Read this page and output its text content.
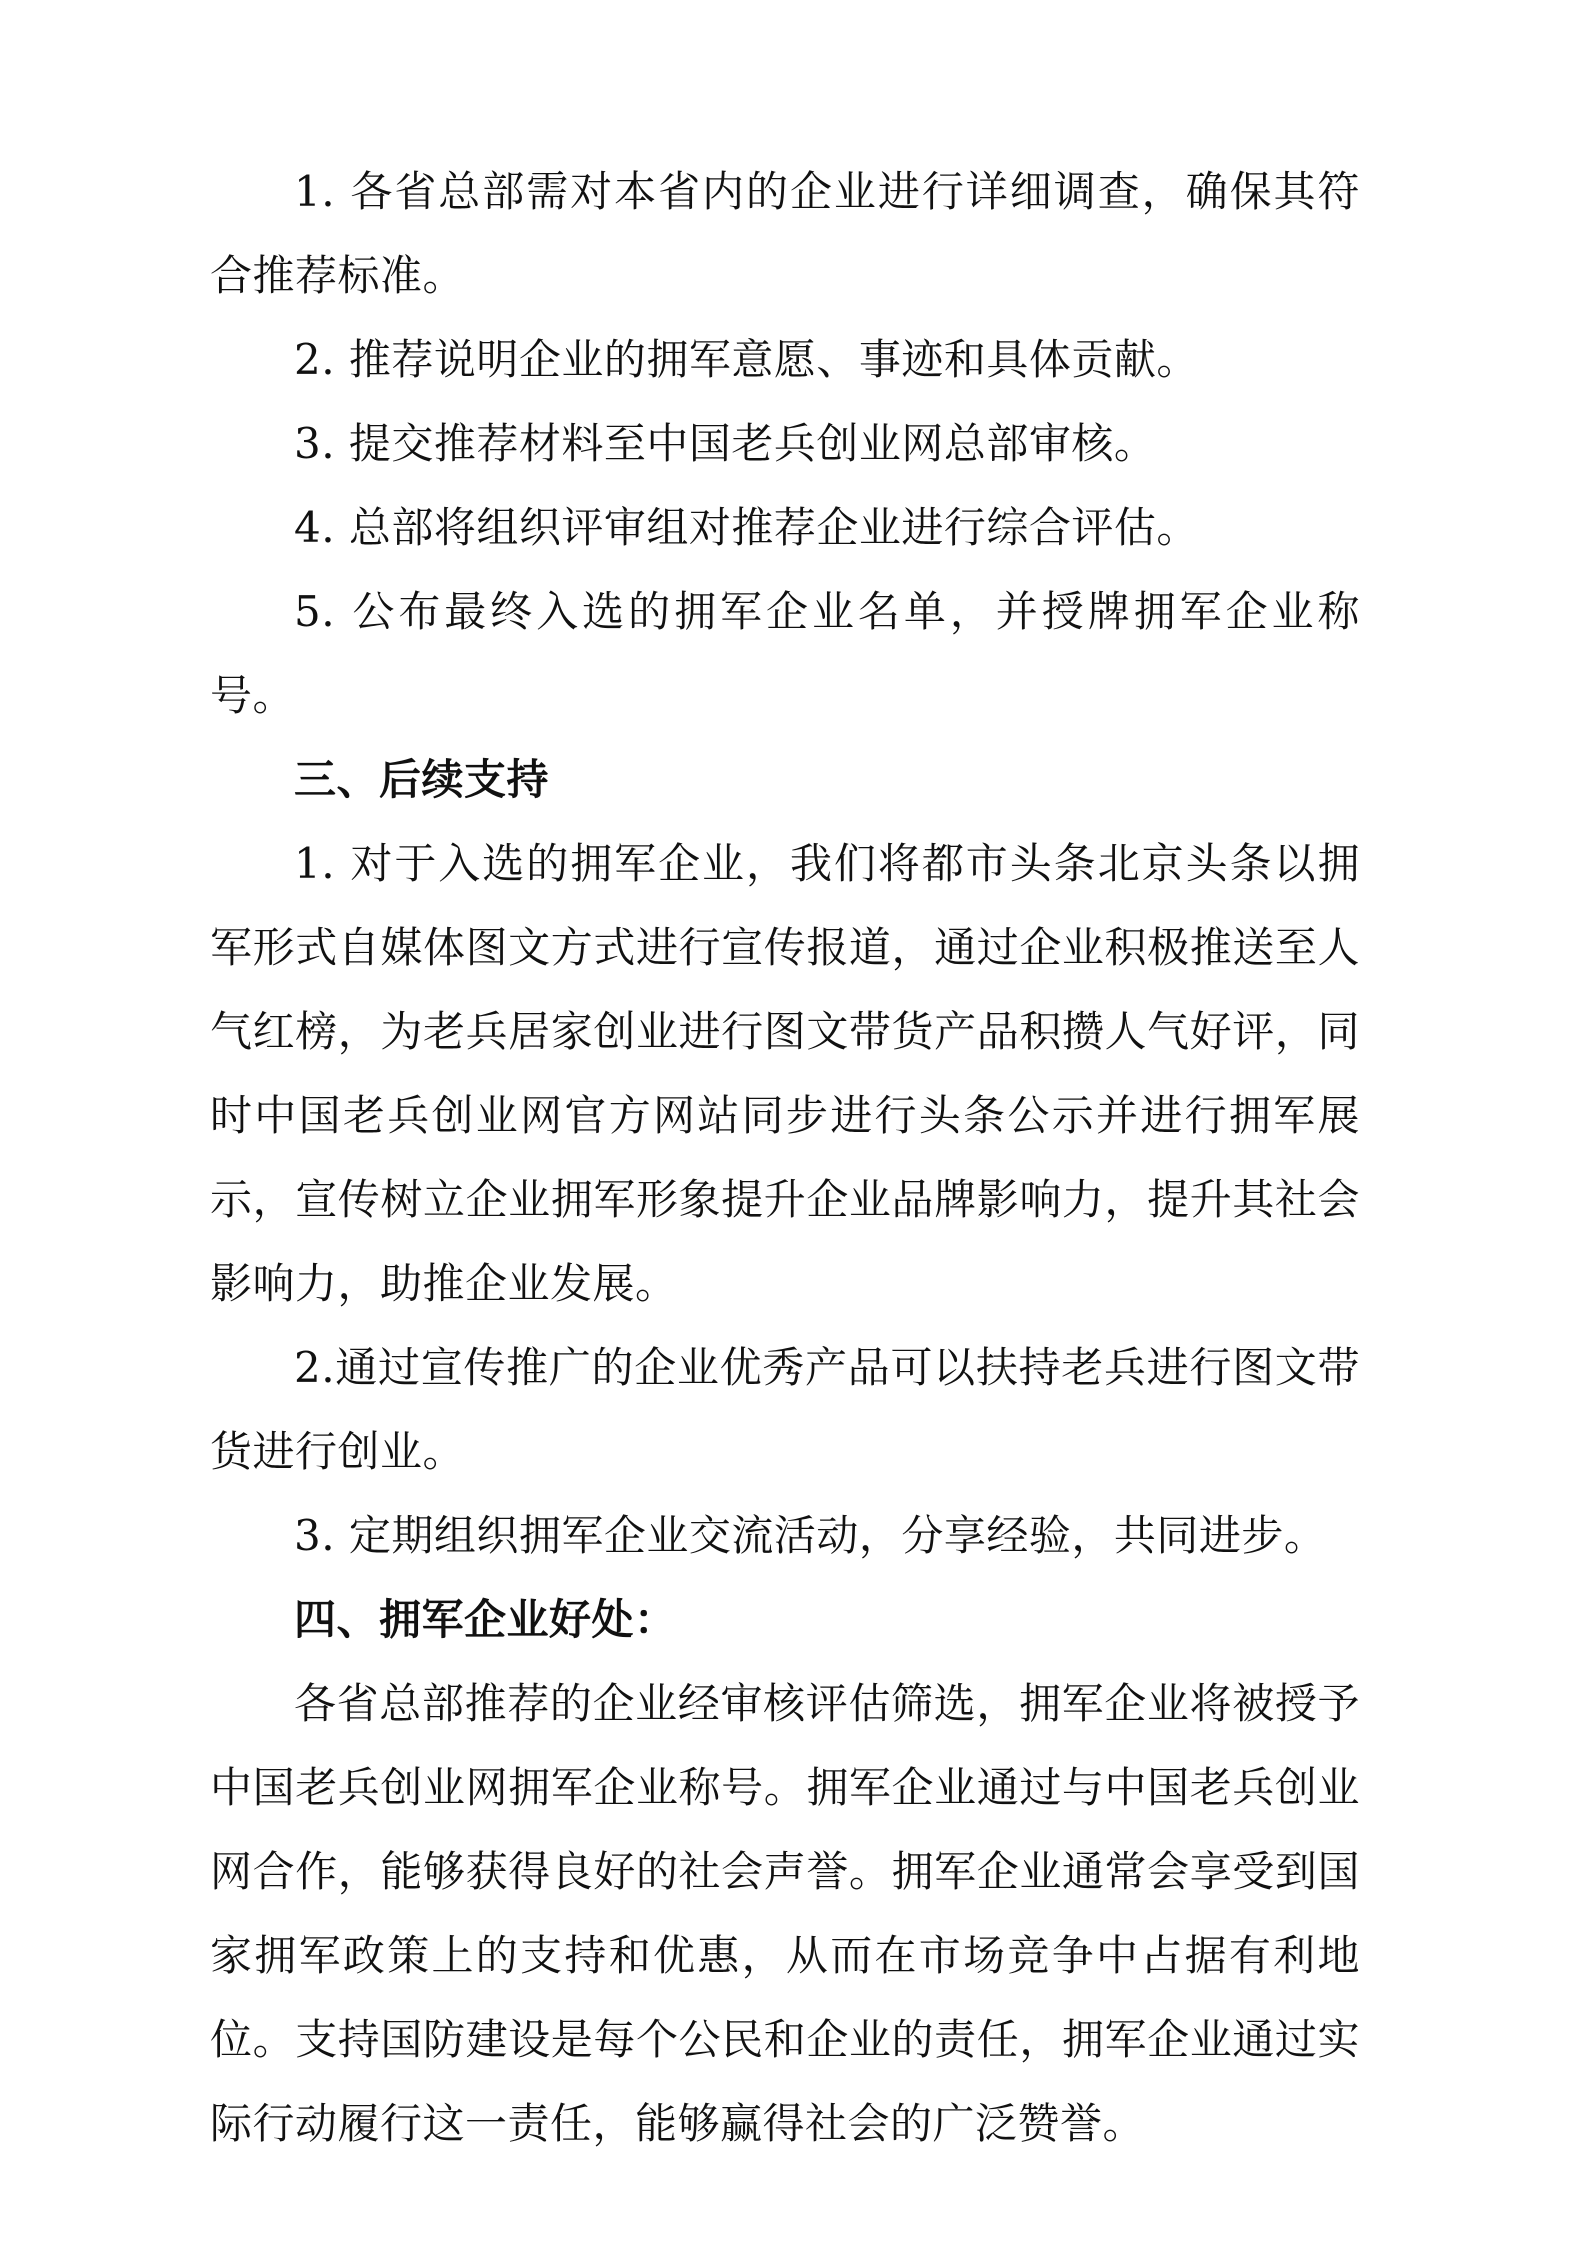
1. 各省总部需对本省内的企业进行详细调查，确保其符合推荐标准。

2. 推荐说明企业的拥军意愿、事迹和具体贡献。

3. 提交推荐材料至中国老兵创业网总部审核。

4. 总部将组织评审组对推荐企业进行综合评估。

5. 公布最终入选的拥军企业名单，并授牌拥军企业称号。

三、后续支持

1. 对于入选的拥军企业，我们将都市头条北京头条以拥军形式自媒体图文方式进行宣传报道，通过企业积极推送至人气红榜，为老兵居家创业进行图文带货产品积攒人气好评，同时中国老兵创业网官方网站同步进行头条公示并进行拥军展示，宣传树立企业拥军形象提升企业品牌影响力，提升其社会影响力，助推企业发展。

2.通过宣传推广的企业优秀产品可以扶持老兵进行图文带货进行创业。

3. 定期组织拥军企业交流活动，分享经验，共同进步。

四、拥军企业好处：

各省总部推荐的企业经审核评估筛选，拥军企业将被授予中国老兵创业网拥军企业称号。拥军企业通过与中国老兵创业网合作，能够获得良好的社会声誉。拥军企业通常会享受到国家拥军政策上的支持和优惠，从而在市场竞争中占据有利地位。支持国防建设是每个公民和企业的责任，拥军企业通过实际行动履行这一责任，能够赢得社会的广泛赞誉。
